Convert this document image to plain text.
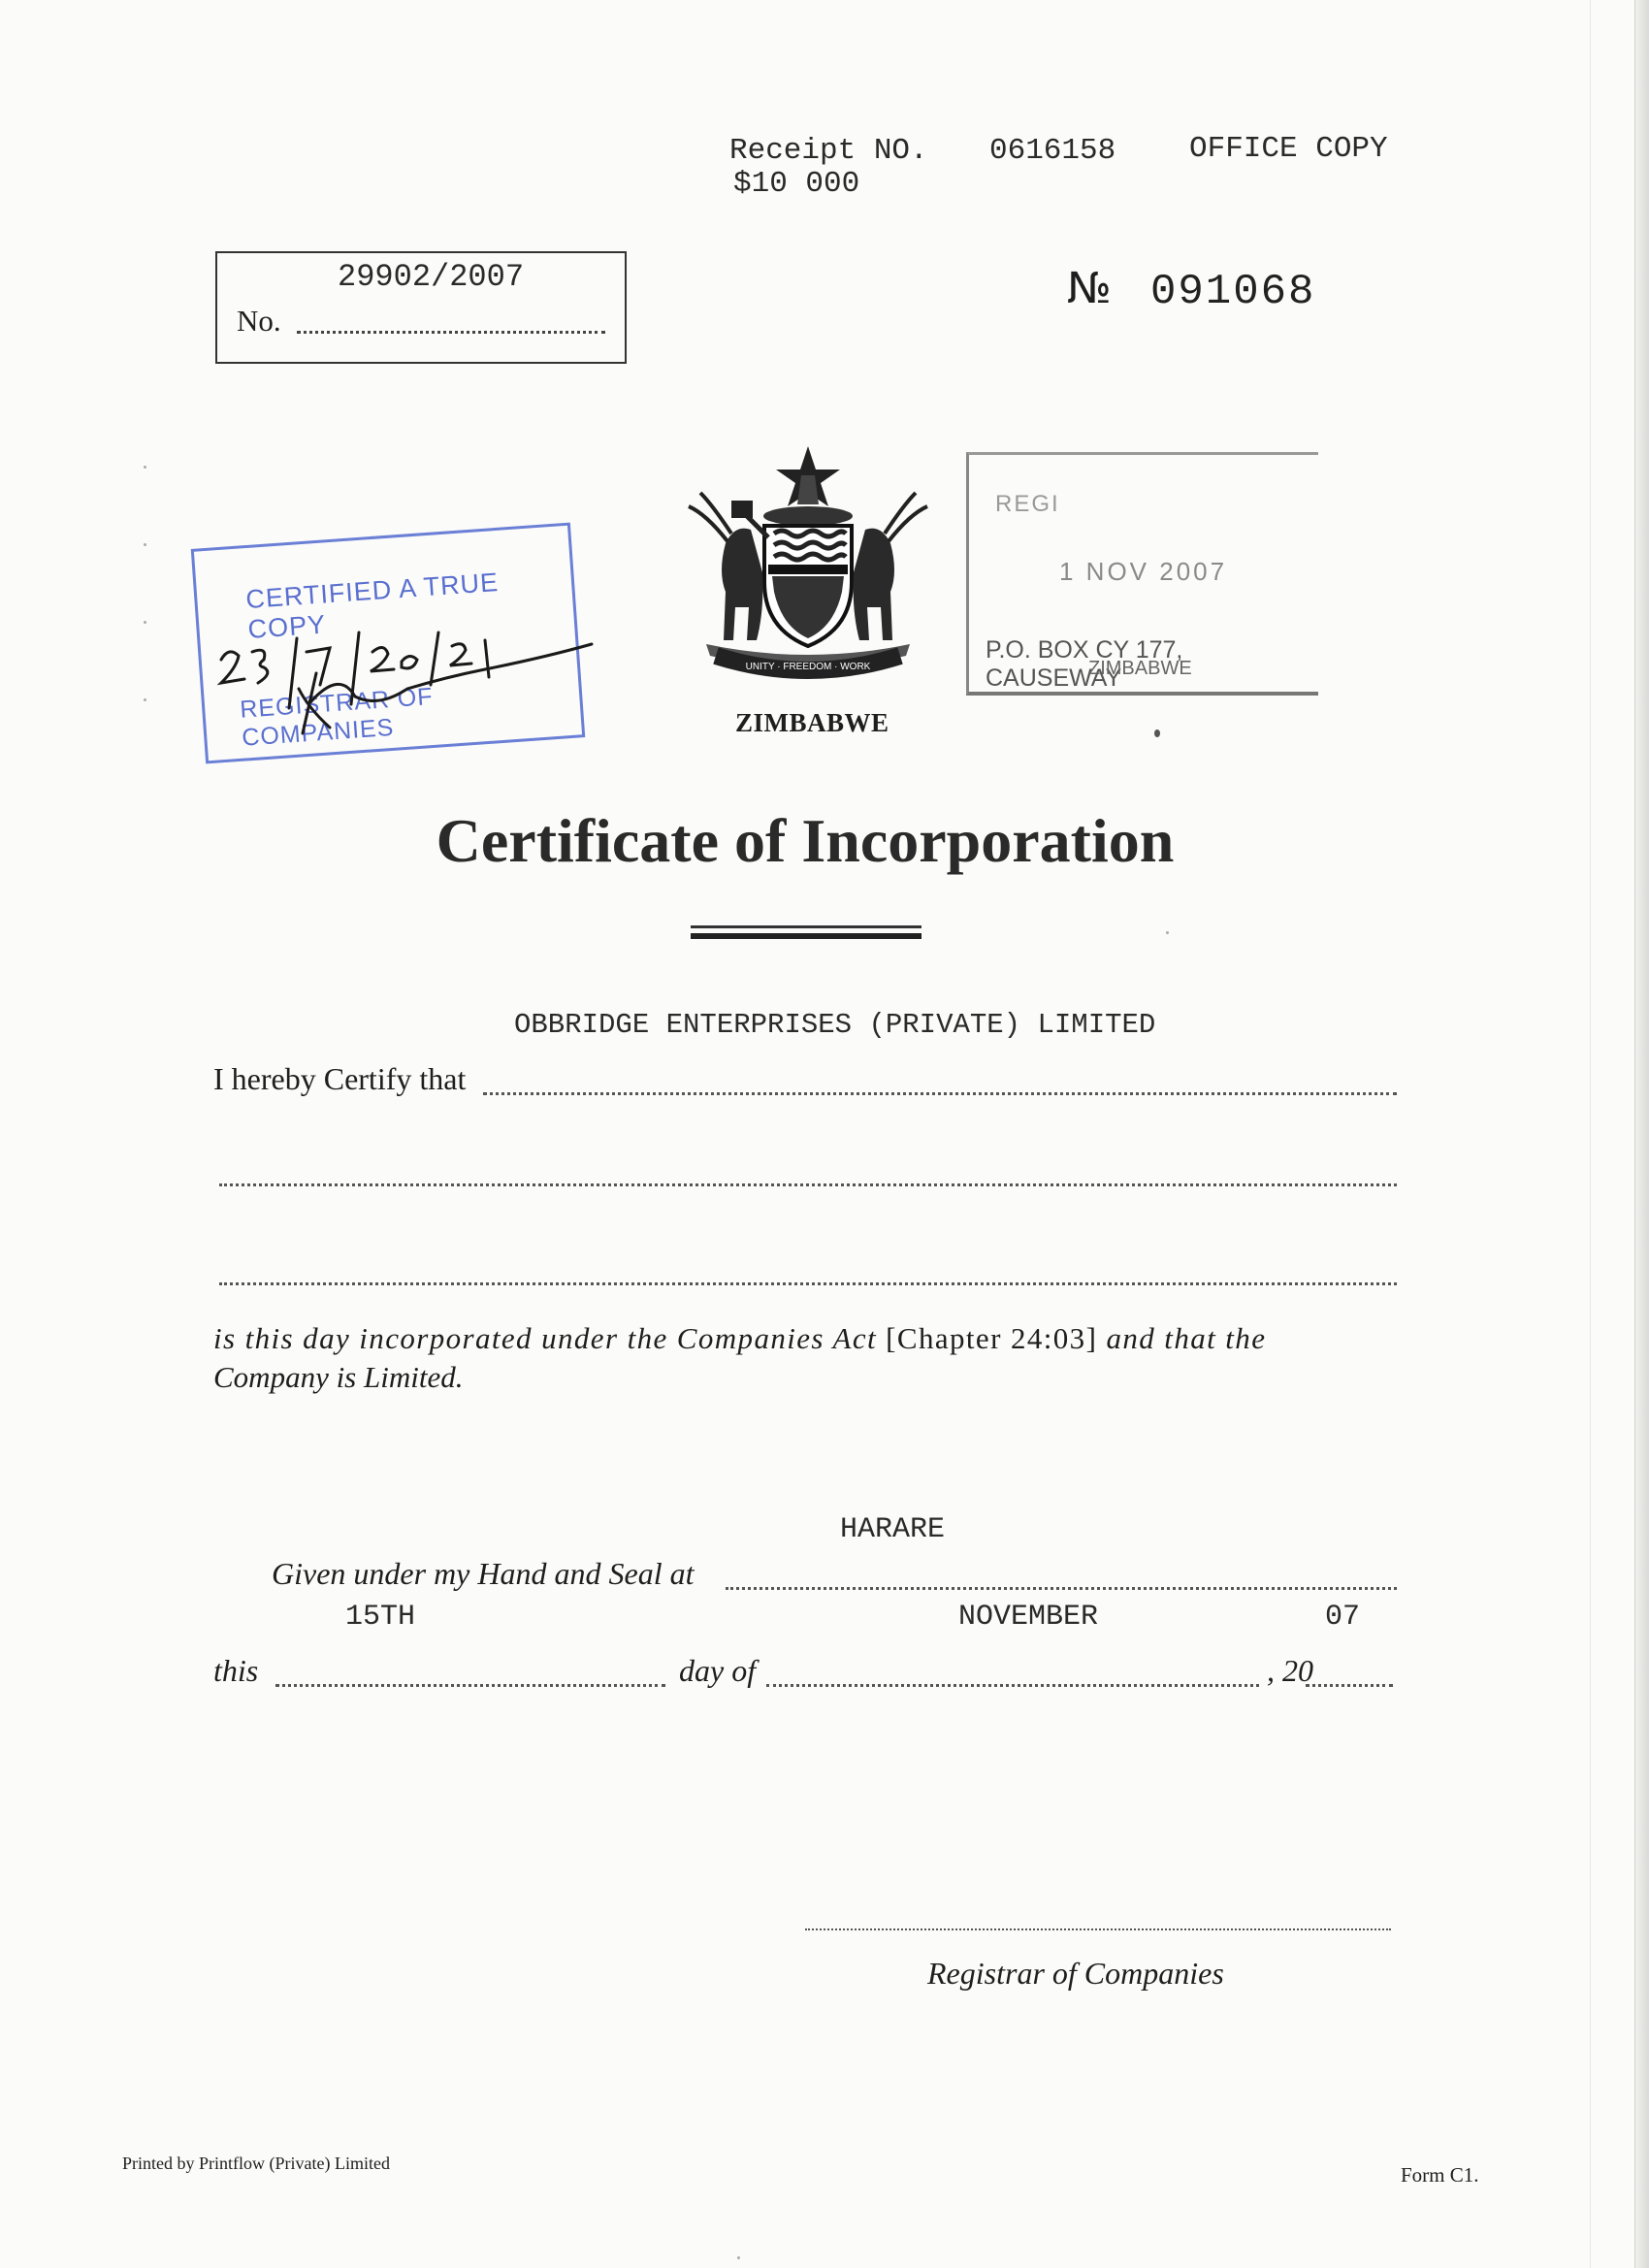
Receipt NO. 0616158 OFFICE COPY
$10 000
29902/2007
No.
№ 091068
UNITY · FREEDOM · WORK
ZIMBABWE
CERTIFIED A TRUE COPY
REGISTRAR OF COMPANIES
REGI
1 NOV 2007
P.O. BOX CY 177, CAUSEWAY
ZIMBABWE
Certificate of Incorporation
OBBRIDGE ENTERPRISES (PRIVATE) LIMITED
I hereby Certify that
is this day incorporated under the Companies Act [Chapter 24:03] and that the
Company is Limited.
HARARE
Given under my Hand and Seal at
15TH	NOVEMBER	07
this	day of	, 20
Registrar of Companies
Printed by Printflow (Private) Limited	Form C1.
